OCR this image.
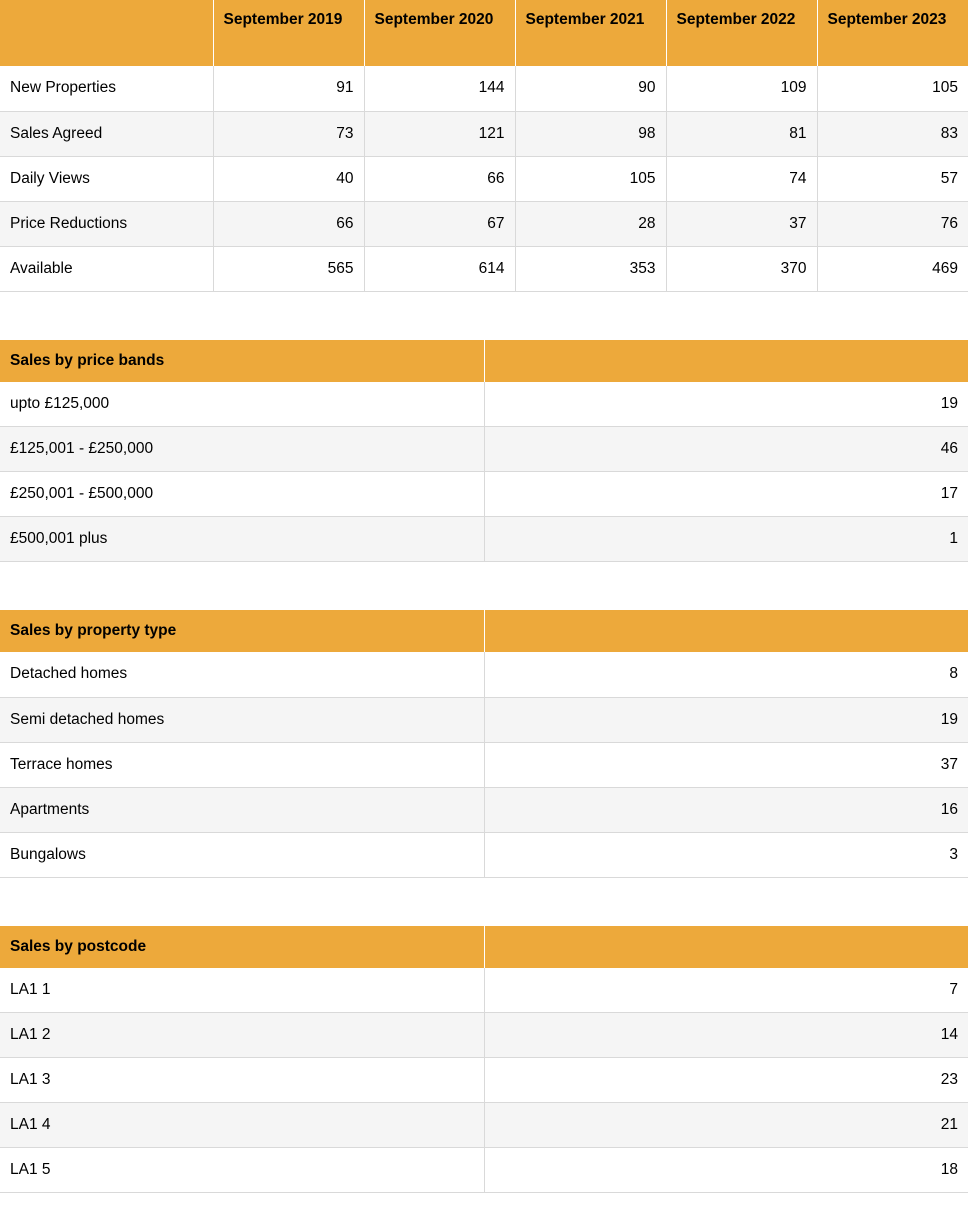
	September 2019	September 2020	September 2021	September 2022	September 2023
New Properties	91	144	90	109	105
Sales Agreed	73	121	98	81	83
Daily Views	40	66	105	74	57
Price Reductions	66	67	28	37	76
Available	565	614	353	370	469
Sales by price bands	
upto £125,000	19
£125,001 - £250,000	46
£250,001 - £500,000	17
£500,001 plus	1
Sales by property type	
Detached homes	8
Semi detached homes	19
Terrace homes	37
Apartments	16
Bungalows	3
Sales by postcode	
LA1 1	7
LA1 2	14
LA1 3	23
LA1 4	21
LA1 5	18
